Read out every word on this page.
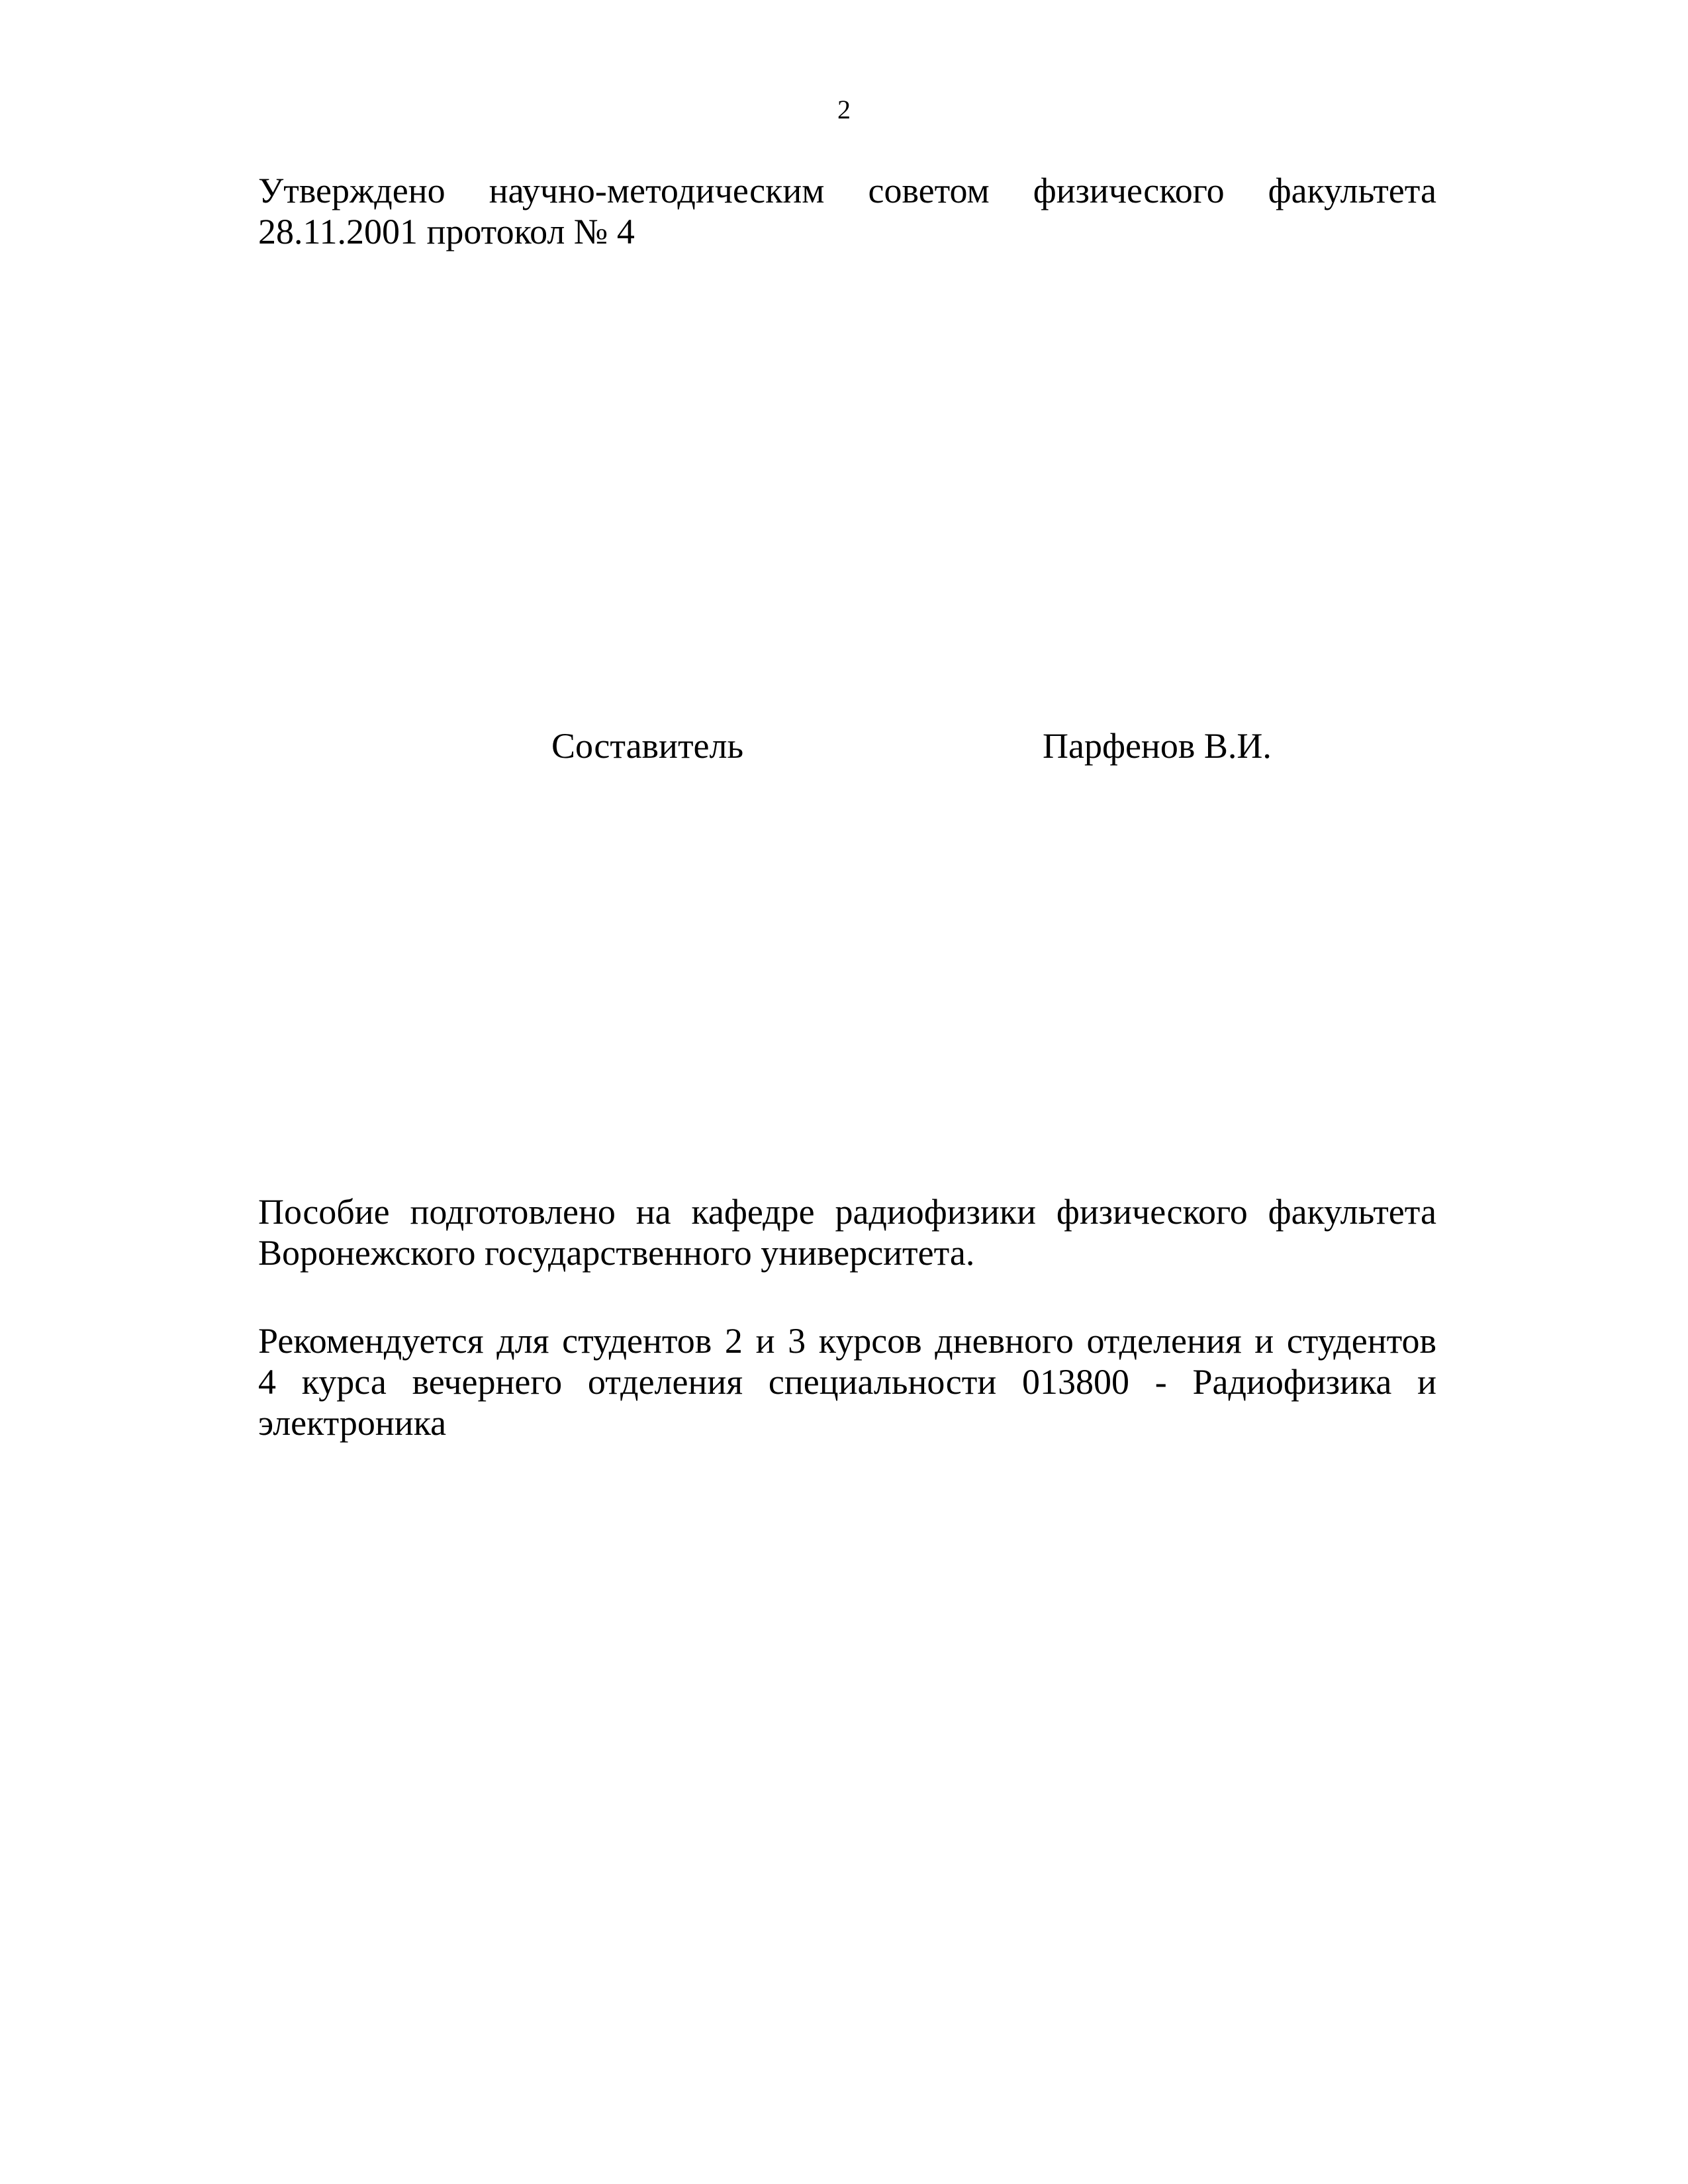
2
Утверждено научно-методическим советом физического факультета
28.11.2001 протокол № 4
Составитель	Парфенов В.И.
Пособие подготовлено на кафедре радиофизики физического факультета
Воронежского государственного университета.
Рекомендуется для студентов 2 и 3 курсов дневного отделения и студентов
4 курса вечернего отделения специальности 013800 - Радиофизика и
электроника
